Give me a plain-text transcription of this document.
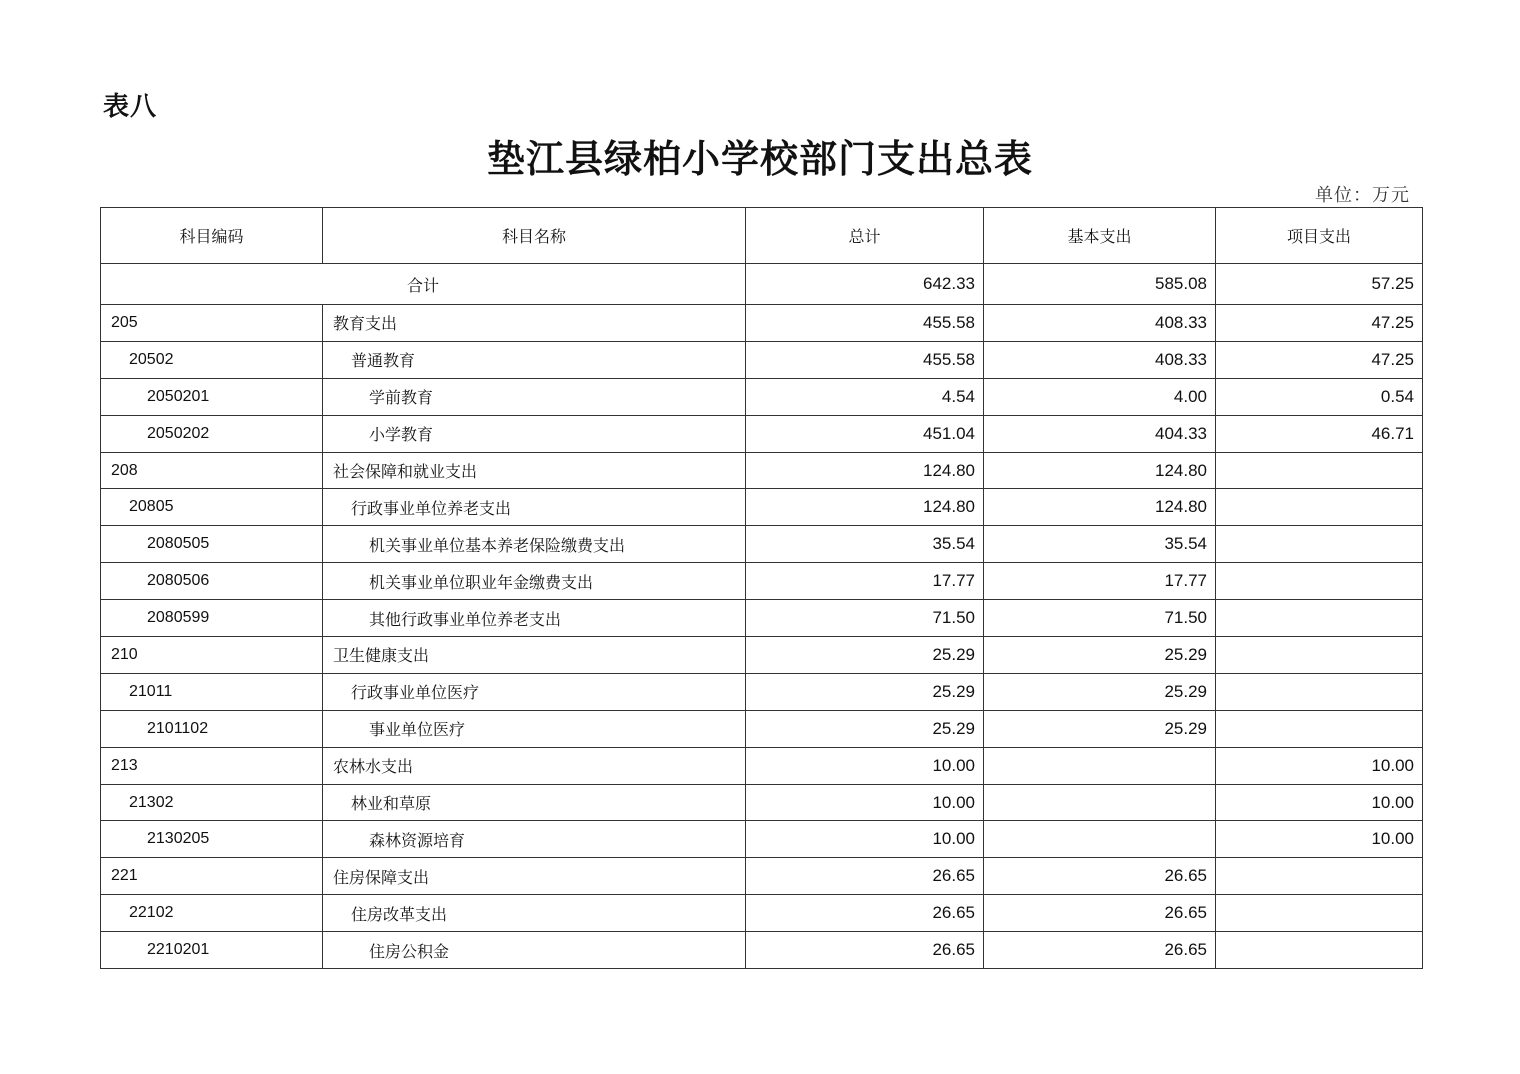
表八
垫江县绿柏小学校部门支出总表
单位：万元
科目编码	科目名称	总计	基本支出	项目支出
合计		642.33	585.08	57.25
205	教育支出	455.58	408.33	47.25
20502	普通教育	455.58	408.33	47.25
2050201	学前教育	4.54	4.00	0.54
2050202	小学教育	451.04	404.33	46.71
208	社会保障和就业支出	124.80	124.80	
20805	行政事业单位养老支出	124.80	124.80	
2080505	机关事业单位基本养老保险缴费支出	35.54	35.54	
2080506	机关事业单位职业年金缴费支出	17.77	17.77	
2080599	其他行政事业单位养老支出	71.50	71.50	
210	卫生健康支出	25.29	25.29	
21011	行政事业单位医疗	25.29	25.29	
2101102	事业单位医疗	25.29	25.29	
213	农林水支出	10.00		10.00
21302	林业和草原	10.00		10.00
2130205	森林资源培育	10.00		10.00
221	住房保障支出	26.65	26.65	
22102	住房改革支出	26.65	26.65	
2210201	住房公积金	26.65	26.65	
